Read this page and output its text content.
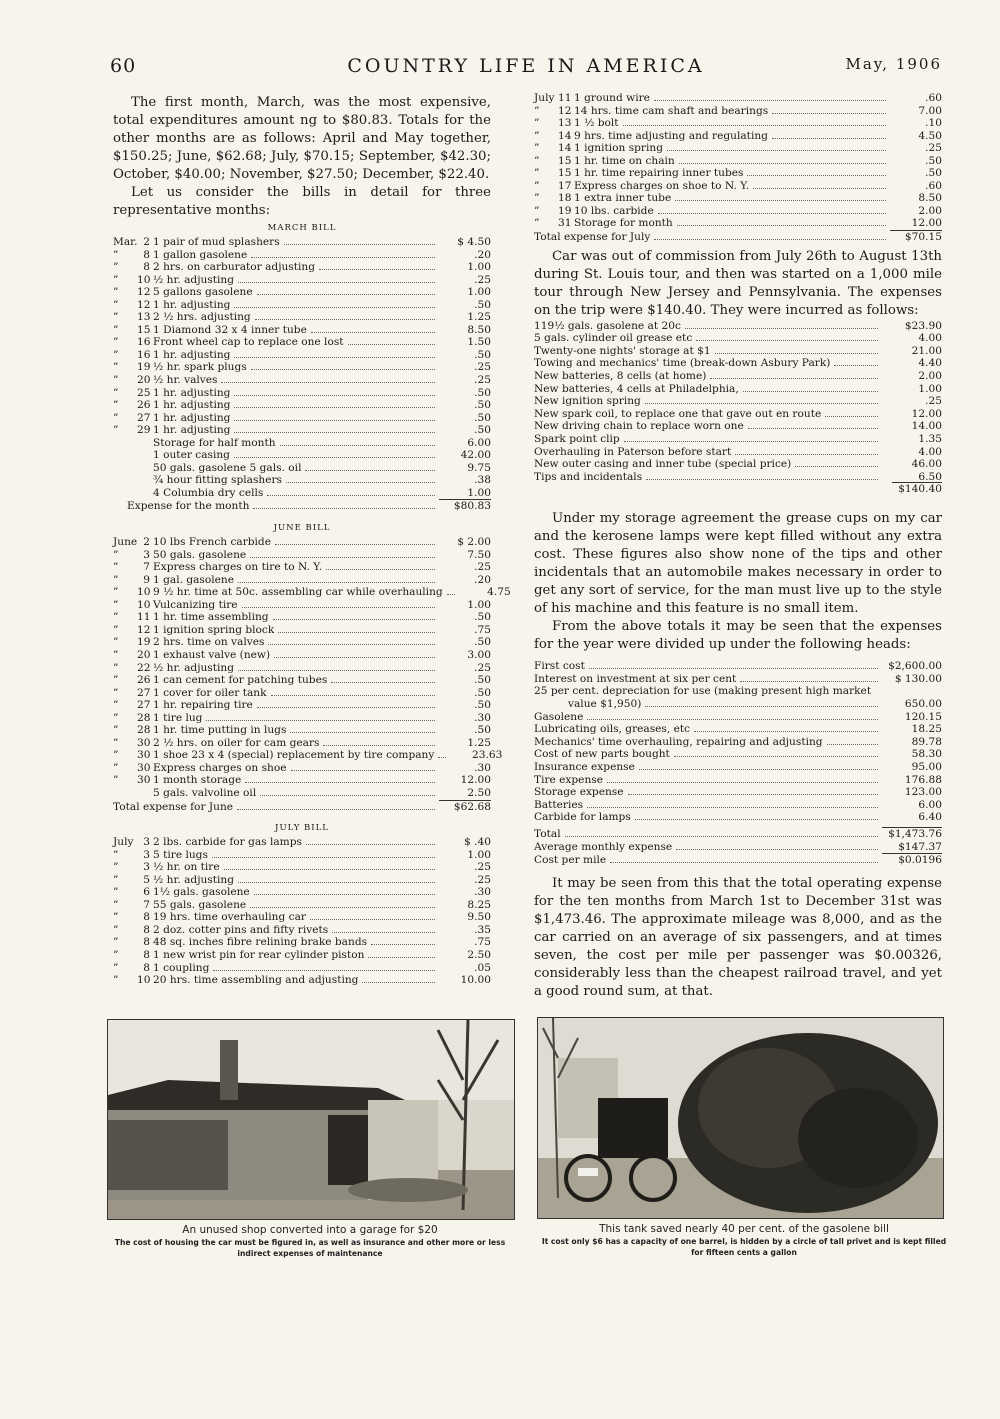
60	COUNTRY LIFE IN AMERICA	May, 1906

The first month, March, was the most expensive, total expenditures amount ng to $80.83. Totals for the other months are as follows: April and May together, $150.25; June, $62.68; July, $70.15; September, $42.30; October, $40.00; November, $27.50; December, $22.40.

Let us consider the bills in detail for three representative months:

MARCH BILL
Mar. 2 1 pair of mud splashers	$ 4.50
”	8 1 gallon gasolene	.20
”	8 2 hrs. on carburator adjusting	1.00
”	10 ½ hr. adjusting	.25
”	12 5 gallons gasolene	1.00
”	12 1 hr. adjusting	.50
”	13 2 ½ hrs. adjusting	1.25
”	15 1 Diamond 32 x 4 inner tube	8.50
”	16 Front wheel cap to replace one lost	1.50
”	16 1 hr. adjusting	.50
”	19 ½ hr. spark plugs	.25
”	20 ½ hr. valves	.25
”	25 1 hr. adjusting	.50
”	26 1 hr. adjusting	.50
”	27 1 hr. adjusting	.50
”	29 1 hr. adjusting	.50
Storage for half month	6.00
1 outer casing	42.00
50 gals. gasolene 5 gals. oil	9.75
¾ hour fitting splashers	.38
4 Columbia dry cells	1.00
Expense for the month	$80.83
JUNE BILL
June 2 10 lbs French carbide	$ 2.00
”	3 50 gals. gasolene	7.50
”	7 Express charges on tire to N. Y.	.25
”	9 1 gal. gasolene	.20
”	10 9 ½ hr. time at 50c. assembling car while overhauling	4.75
”	10 Vulcanizing tire	1.00
”	11 1 hr. time assembling	.50
”	12 1 ignition spring block	.75
”	19 2 hrs. time on valves	.50
”	20 1 exhaust valve (new)	3.00
”	22 ½ hr. adjusting	.25
”	26 1 can cement for patching tubes	.50
”	27 1 cover for oiler tank	.50
”	27 1 hr. repairing tire	.50
”	28 1 tire lug	.30
”	28 1 hr. time putting in lugs	.50
”	30 2 ½ hrs. on oiler for cam gears	1.25
”	30 1 shoe 23 x 4 (special) replacement by tire company	23.63
”	30 Express charges on shoe	.30
”	30 1 month storage	12.00
5 gals. valvoline oil	2.50
Total expense for June	$62.68
JULY BILL
July 3 2 lbs. carbide for gas lamps	$ .40
”	3 5 tire lugs	1.00
”	3 ½ hr. on tire	.25
”	5 ½ hr. adjusting	.25
”	6 1½ gals. gasolene	.30
”	7 55 gals. gasolene	8.25
”	8 19 hrs. time overhauling car	9.50
”	8 2 doz. cotter pins and fifty rivets	.35
”	8 48 sq. inches fibre relining brake bands	.75
”	8 1 new wrist pin for rear cylinder piston	2.50
”	8 1 coupling	.05
”	10 20 hrs. time assembling and adjusting	10.00
July 11 1 ground wire	.60
”	12 14 hrs. time cam shaft and bearings	7.00
”	13 1 ½ bolt	.10
”	14 9 hrs. time adjusting and regulating	4.50
”	14 1 ignition spring	.25
”	15 1 hr. time on chain	.50
”	15 1 hr. time repairing inner tubes	.50
”	17 Express charges on shoe to N. Y.	.60
”	18 1 extra inner tube	8.50
”	19 10 lbs. carbide	2.00
”	31 Storage for month	12.00
Total expense for July	$70.15

Car was out of commission from July 26th to August 13th during St. Louis tour, and then was started on a 1,000 mile tour through New Jersey and Pennsylvania. The expenses on the trip were $140.40. They were incurred as follows:

119½ gals. gasolene at 20c	$23.90
5 gals. cylinder oil grease etc	4.00
Twenty-one nights' storage at $1	21.00
Towing and mechanics' time (break-down Asbury Park)	4.40
New batteries, 8 cells (at home)	2.00
New batteries, 4 cells at Philadelphia,	1.00
New ignition spring	.25
New spark coil, to replace one that gave out en route	12.00
New driving chain to replace worn one	14.00
Spark point clip	1.35
Overhauling in Paterson before start	4.00
New outer casing and inner tube (special price)	46.00
Tips and incidentals	6.50
$140.40

Under my storage agreement the grease cups on my car and the kerosene lamps were kept filled without any extra cost. These figures also show none of the tips and other incidentals that an automobile makes necessary in order to get any sort of service, for the man must live up to the style of his machine and this feature is no small item.

From the above totals it may be seen that the expenses for the year were divided up under the following heads:

First cost	$2,600.00
Interest on investment at six per cent	$ 130.00
25 per cent. depreciation for use (making present high market
value $1,950)	650.00
Gasolene	120.15
Lubricating oils, greases, etc	18.25
Mechanics' time overhauling, repairing and adjusting	89.78
Cost of new parts bought	58.30
Insurance expense	95.00
Tire expense	176.88
Storage expense	123.00
Batteries	6.00
Carbide for lamps	6.40
Total	$1,473.76
Average monthly expense	$147.37
Cost per mile	$0.0196

It may be seen from this that the total operating expense for the ten months from March 1st to December 31st was $1,473.46. The approximate mileage was 8,000, and as the car carried on an average of six passengers, and at times seven, the cost per mile per passenger was $0.00326, considerably less than the cheapest railroad travel, and yet a good round sum, at that.

An unused shop converted into a garage for $20
The cost of housing the car must be figured in, as well as insurance and other more or less indirect expenses of maintenance
This tank saved nearly 40 per cent. of the gasolene bill
It cost only $6 has a capacity of one barrel, is hidden by a circle of tall privet and is kept filled for fifteen cents a gallon
